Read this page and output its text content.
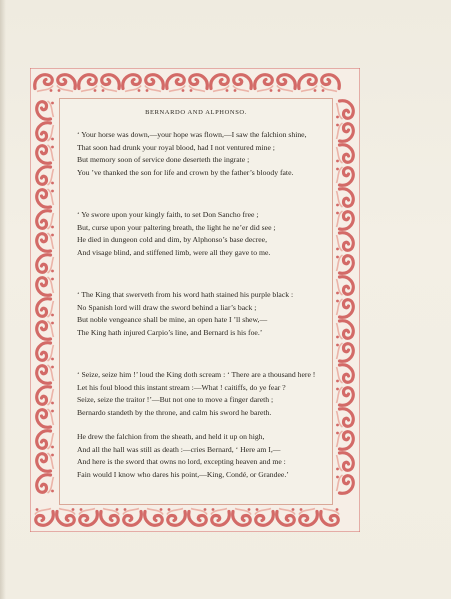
BERNARDO AND ALPHONSO.
‘ Your horse was down,—your hope was flown,—I saw the falchion shine,
That soon had drunk your royal blood, had I not ventured mine ;
But memory soon of service done deserteth the ingrate ;
You ’ve thanked the son for life and crown by the father’s bloody fate.
‘ Ye swore upon your kingly faith, to set Don Sancho free ;
But, curse upon your paltering breath, the light he ne’er did see ;
He died in dungeon cold and dim, by Alphonso’s base decree,
And visage blind, and stiffened limb, were all they gave to me.
‘ The King that swerveth from his word hath stained his purple black :
No Spanish lord will draw the sword behind a liar’s back ;
But noble vengeance shall be mine, an open hate I ’ll shew,—
The King hath injured Carpio’s line, and Bernard is his foe.’
‘ Seize, seize him !’ loud the King doth scream : ‘ There are a thousand here !
Let his foul blood this instant stream :—What ! caitiffs, do ye fear ?
Seize, seize the traitor !’—But not one to move a finger dareth ;
Bernardo standeth by the throne, and calm his sword he bareth.
He drew the falchion from the sheath, and held it up on high,
And all the hall was still as death :—cries Bernard, ‘ Here am I,—
And here is the sword that owns no lord, excepting heaven and me :
Fain would I know who dares his point,—King, Condé, or Grandee.’
